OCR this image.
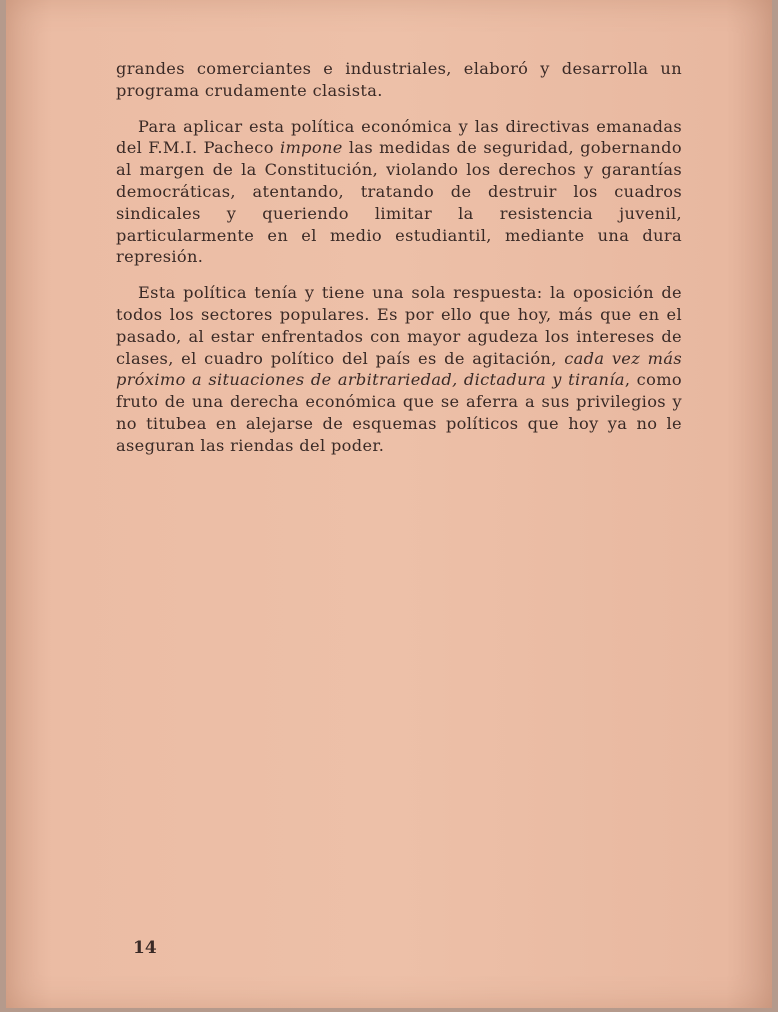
grandes comerciantes e industriales, elaboró y desarrolla un programa crudamente clasista.

Para aplicar esta política económica y las directivas emanadas del F.M.I. Pacheco impone las medidas de seguridad, gobernando al margen de la Constitución, violando los derechos y garantías democráticas, atentando, tratando de destruir los cuadros sindicales y queriendo limitar la resistencia juvenil, particularmente en el medio estudiantil, mediante una dura represión.

Esta política tenía y tiene una sola respuesta: la oposición de todos los sectores populares. Es por ello que hoy, más que en el pasado, al estar enfrentados con mayor agudeza los intereses de clases, el cuadro político del país es de agitación, cada vez más próximo a situaciones de arbitrariedad, dictadura y tiranía, como fruto de una derecha económica que se aferra a sus privilegios y no titubea en alejarse de esquemas políticos que hoy ya no le aseguran las riendas del poder.

14
